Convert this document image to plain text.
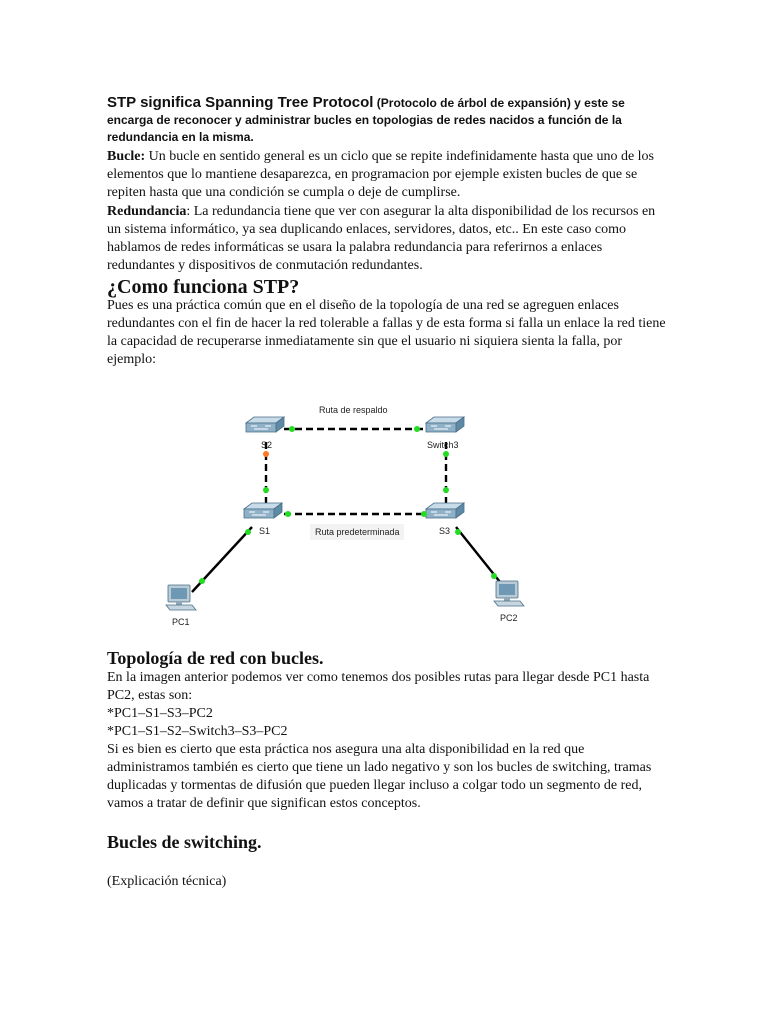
STP significa Spanning Tree Protocol (Protocolo de árbol de expansión) y este se encarga de reconocer y administrar bucles en topologias de redes nacidos a función de la redundancia en la misma.

Bucle: Un bucle en sentido general es un ciclo que se repite indefinidamente hasta que uno de los elementos que lo mantiene desaparezca, en programacion por ejemple existen bucles de que se repiten hasta que una condición se cumpla o deje de cumplirse.

Redundancia: La redundancia tiene que ver con asegurar la alta disponibilidad de los recursos en un sistema informático, ya sea duplicando enlaces, servidores, datos, etc.. En este caso como hablamos de redes informáticas se usara la palabra redundancia para referirnos a enlaces redundantes y dispositivos de conmutación redundantes.

¿Como funciona STP?

Pues es una práctica común que en el diseño de la topología de una red se agreguen enlaces redundantes con el fin de hacer la red tolerable a fallas y de esta forma si falla un enlace la red tiene la capacidad de recuperarse inmediatamente sin que el usuario ni siquiera sienta la falla, por ejemplo:

Ruta de respaldo
Ruta predeterminada
S2	Switch3
S1	S3
PC1	PC2
Topología de red con bucles.
En la imagen anterior podemos ver como tenemos dos posibles rutas para llegar desde PC1 hasta PC2, estas son:
*PC1–S1–S3–PC2
*PC1–S1–S2–Switch3–S3–PC2
Si es bien es cierto que esta práctica nos asegura una alta disponibilidad en la red que administramos también es cierto que tiene un lado negativo y son los bucles de switching, tramas duplicadas y tormentas de difusión que pueden llegar incluso a colgar todo un segmento de red, vamos a tratar de definir que significan estos conceptos.
Bucles de switching.

(Explicación técnica)
